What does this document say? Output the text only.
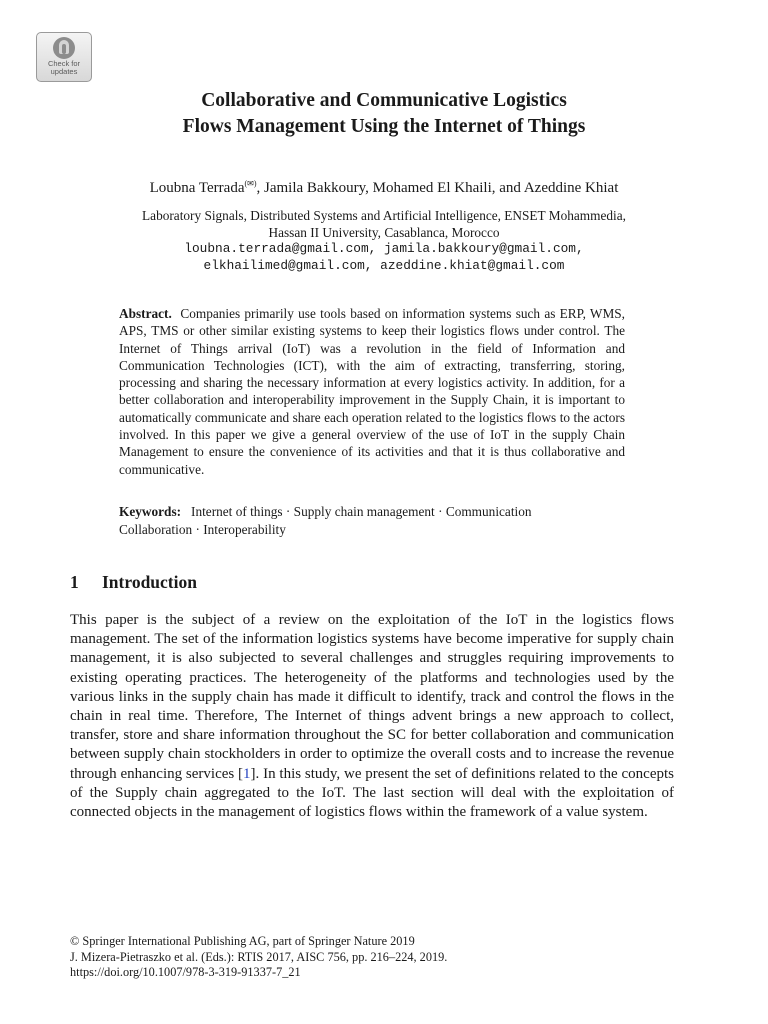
Check for
updates
Collaborative and Communicative Logistics
Flows Management Using the Internet of Things
Loubna Terrada(✉), Jamila Bakkoury, Mohamed El Khaili, and Azeddine Khiat
Laboratory Signals, Distributed Systems and Artificial Intelligence, ENSET Mohammedia,
Hassan II University, Casablanca, Morocco
loubna.terrada@gmail.com, jamila.bakkoury@gmail.com,
elkhailimed@gmail.com, azeddine.khiat@gmail.com
Abstract. Companies primarily use tools based on information systems such as ERP, WMS, APS, TMS or other similar existing systems to keep their logistics flows under control. The Internet of Things arrival (IoT) was a revolution in the field of Information and Communication Technologies (ICT), with the aim of extracting, transferring, storing, processing and sharing the necessary information at every logistics activity. In addition, for a better collaboration and interoperability improvement in the Supply Chain, it is important to automatically communicate and share each operation related to the logistics flows to the actors involved. In this paper we give a general overview of the use of IoT in the supply Chain Management to ensure the convenience of its activities and that it is thus collaborative and communicative.
Keywords: Internet of things · Supply chain management · Communication
Collaboration · Interoperability
1 Introduction
This paper is the subject of a review on the exploitation of the IoT in the logistics flows management. The set of the information logistics systems have become imperative for supply chain management, it is also subjected to several challenges and struggles requiring improvements to existing operating practices. The heterogeneity of the platforms and technologies used by the various links in the supply chain has made it difficult to identify, track and control the flows in the chain in real time. Therefore, The Internet of things advent brings a new approach to collect, transfer, store and share information throughout the SC for better collaboration and communication between supply chain stockholders in order to optimize the overall costs and to increase the revenue through enhancing services [1]. In this study, we present the set of definitions related to the concepts of the Supply chain aggregated to the IoT. The last section will deal with the exploitation of connected objects in the management of logistics flows within the framework of a value system.
© Springer International Publishing AG, part of Springer Nature 2019
J. Mizera-Pietraszko et al. (Eds.): RTIS 2017, AISC 756, pp. 216–224, 2019.
https://doi.org/10.1007/978-3-319-91337-7_21
